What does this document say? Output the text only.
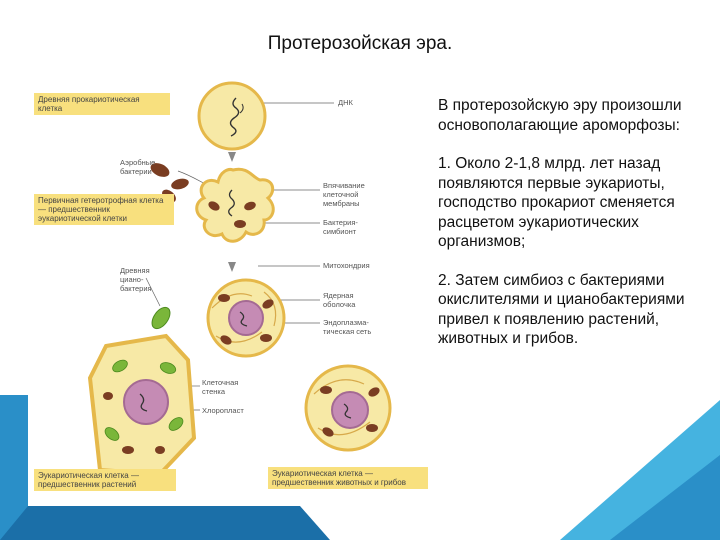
Протерозойская эра.
Древняя прокариотическая клетка
Первичная гетеротрофная клетка — предшественник эукариотической клетки
Эукариотическая клетка — предшественник растений
Эукариотическая клетка — предшественник животных и грибов
ДНК
Аэробные бактерии
Впячивание клеточной мембраны
Бактерия-симбионт
Митохондрия
Ядерная оболочка
Эндоплазма-тическая сеть
Древняя циано-бактерия
Клеточная стенка
Хлоропласт

В протерозойскую эру произошли основополагающие ароморфозы:

1. Около 2-1,8 млрд. лет назад появляются первые эукариоты, господство прокариот сменяется расцветом эукариотических организмов;

2. Затем симбиоз с бактериями окислителями и цианобактериями привел к появлению растений, животных и грибов.
